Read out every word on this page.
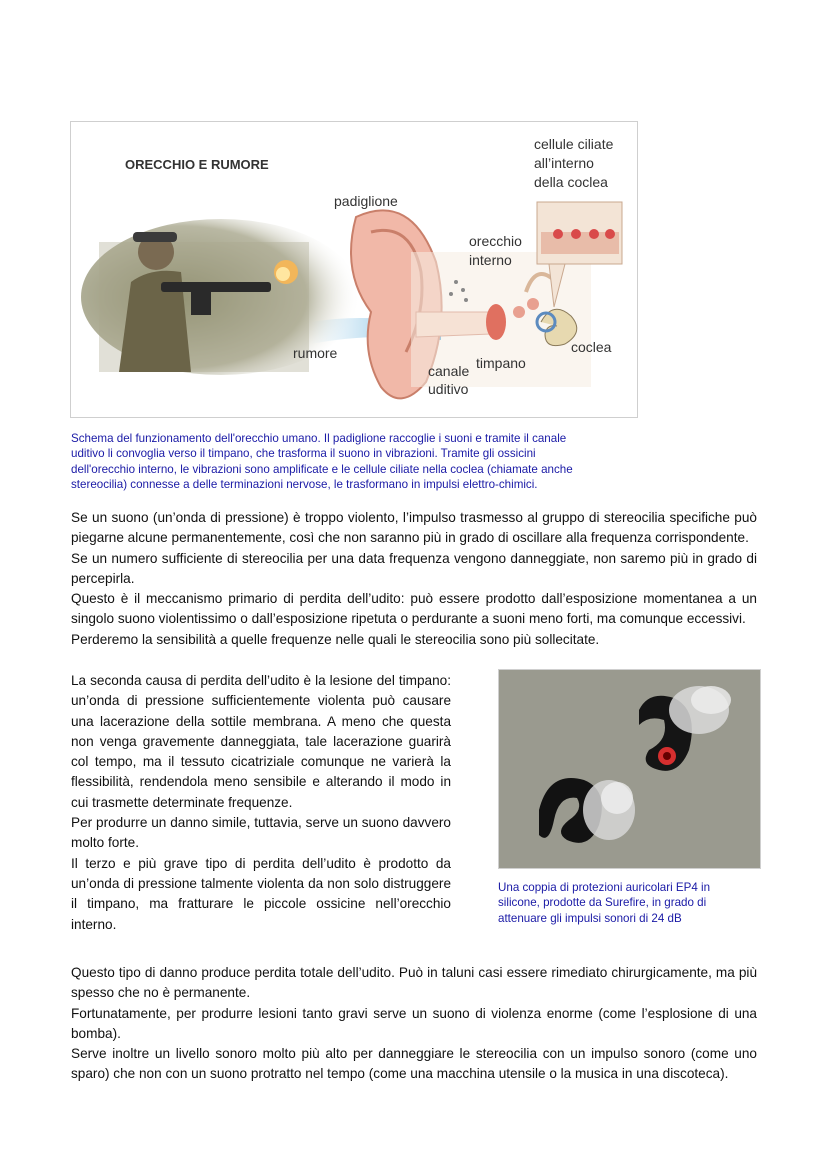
ORECCHIO E RUMORE
cellule ciliate
all’interno
della coclea
padiglione
orecchio
interno
rumore	coclea
timpano
canale
uditivo
Schema del funzionamento dell'orecchio umano. Il padiglione raccoglie i suoni e tramite il canale
uditivo li convoglia verso il timpano, che trasforma il suono in vibrazioni. Tramite gli ossicini
dell'orecchio interno, le vibrazioni sono amplificate e le cellule ciliate nella coclea (chiamate anche
stereocilia) connesse a delle terminazioni nervose, le trasformano in impulsi elettro-chimici.

Se un suono (un’onda di pressione) è troppo violento, l’impulso trasmesso al gruppo di stereocilia specifiche può piegarne alcune permanentemente, così che non saranno più in grado di oscillare alla frequenza corrispondente.

Se un numero sufficiente di stereocilia per una data frequenza vengono danneggiate, non saremo più in grado di percepirla.

Questo è il meccanismo primario di perdita dell’udito: può essere prodotto dall’esposizione momentanea a un singolo suono violentissimo o dall’esposizione ripetuta o perdurante a suoni meno forti, ma comunque eccessivi.

Perderemo la sensibilità a quelle frequenze nelle quali le stereocilia sono più sollecitate.

La seconda causa di perdita dell’udito è la lesione del timpano: un’onda di pressione sufficientemente violenta può causare una lacerazione della sottile membrana. A meno che questa non venga gravemente danneggiata, tale lacerazione guarirà col tempo, ma il tessuto cicatriziale comunque ne varierà la flessibilità, rendendola meno sensibile e alterando il modo in cui trasmette determinate frequenze.

Per produrre un danno simile, tuttavia, serve un suono davvero molto forte.

Il terzo e più grave tipo di perdita dell’udito è prodotto da un’onda di pressione talmente violenta da non solo distruggere il timpano, ma fratturare le piccole ossicine nell’orecchio interno.

Una coppia di protezioni auricolari EP4 in
silicone, prodotte da Surefire, in grado di
attenuare gli impulsi sonori di 24 dB

Questo tipo di danno produce perdita totale dell’udito. Può in taluni casi essere rimediato chirurgicamente, ma più spesso che no è permanente.

Fortunatamente, per produrre lesioni tanto gravi serve un suono di violenza enorme (come l’esplosione di una bomba).

Serve inoltre un livello sonoro molto più alto per danneggiare le stereocilia con un impulso sonoro (come uno sparo) che non con un suono protratto nel tempo (come una macchina utensile o la musica in una discoteca).
